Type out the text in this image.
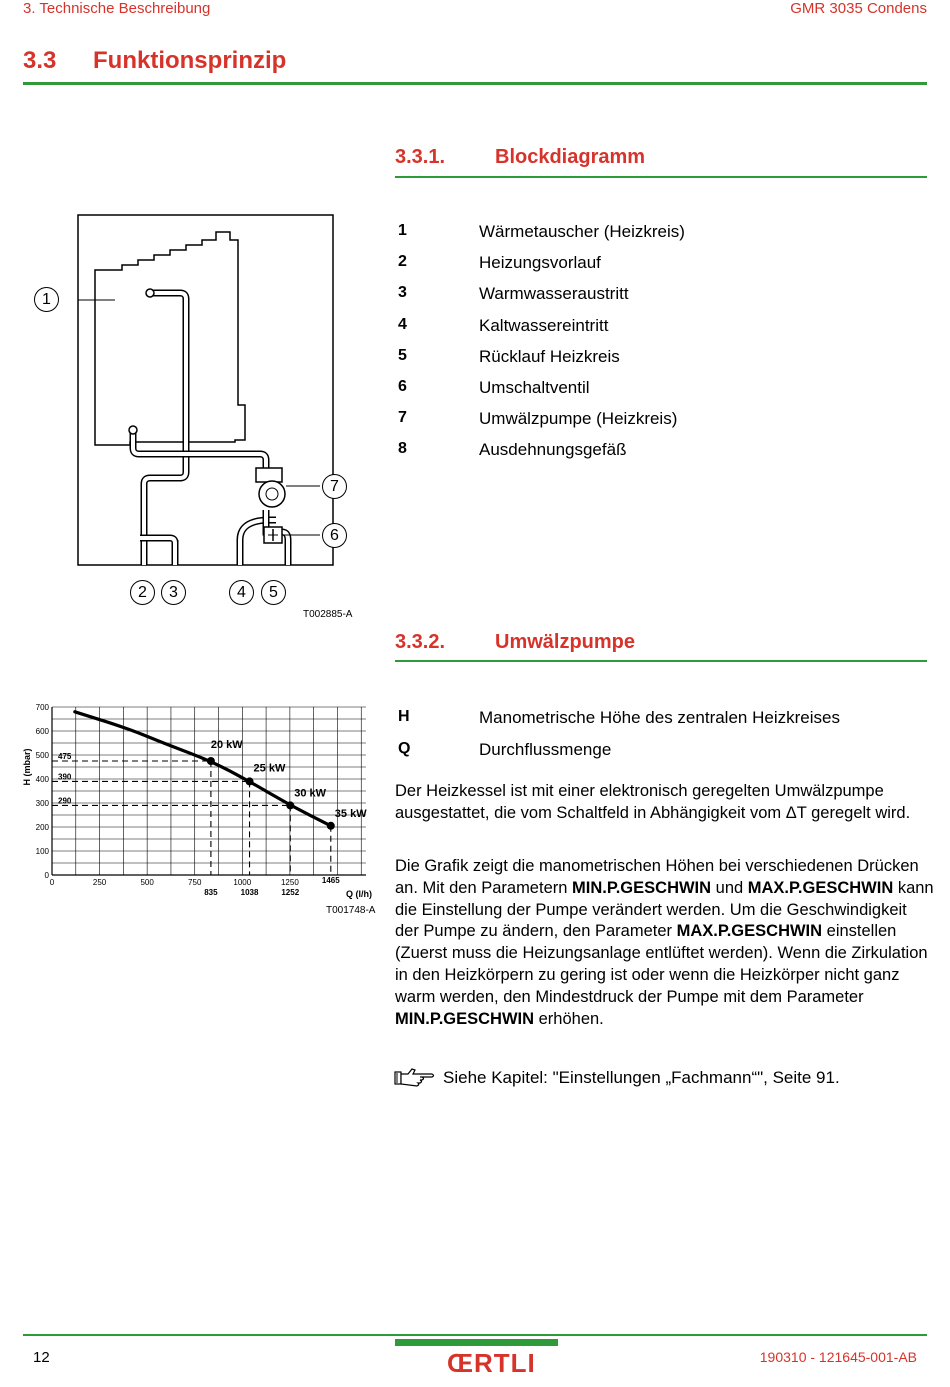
3. Technische Beschreibung	GMR 3035 Condens
3.3 Funktionsprinzip
3.3.1. Blockdiagramm
1
7
6
2	3	4	5
T002885-A
1	Wärmetauscher (Heizkreis)
2	Heizungsvorlauf
3	Warmwasseraustritt
4	Kaltwassereintritt
5	Rücklauf Heizkreis
6	Umschaltventil
7	Umwälzpumpe (Heizkreis)
8	Ausdehnungsgefäß
3.3.2. Umwälzpumpe
0
100
200
300
400
500
600
700
0	250	500	750	1000	1250
H (mbar)
Q (l/h)
475
835
390
1038
290
1252
1465
20 kW
25 kW
30 kW
35 kW
T001748-A
H	Manometrische Höhe des zentralen Heizkreises
Q	Durchflussmenge
Der Heizkessel ist mit einer elektronisch geregelten Umwälzpumpe ausgestattet, die vom Schaltfeld in Abhängigkeit vom ΔT geregelt wird.
Die Grafik zeigt die manometrischen Höhen bei verschiedenen Drücken an. Mit den Parametern MIN.P.GESCHWIN und MAX.P.GESCHWIN kann die Einstellung der Pumpe verändert werden. Um die Geschwindigkeit der Pumpe zu ändern, den Parameter MAX.P.GESCHWIN einstellen (Zuerst muss die Heizungsanlage entlüftet werden). Wenn die Zirkulation in den Heizkörpern zu gering ist oder wenn die Heizkörper nicht ganz warm werden, den Mindestdruck der Pumpe mit dem Parameter MIN.P.GESCHWIN erhöhen.
Siehe Kapitel: "Einstellungen „Fachmann“", Seite 91.
12	ŒRTLI	190310 - 121645-001-AB
